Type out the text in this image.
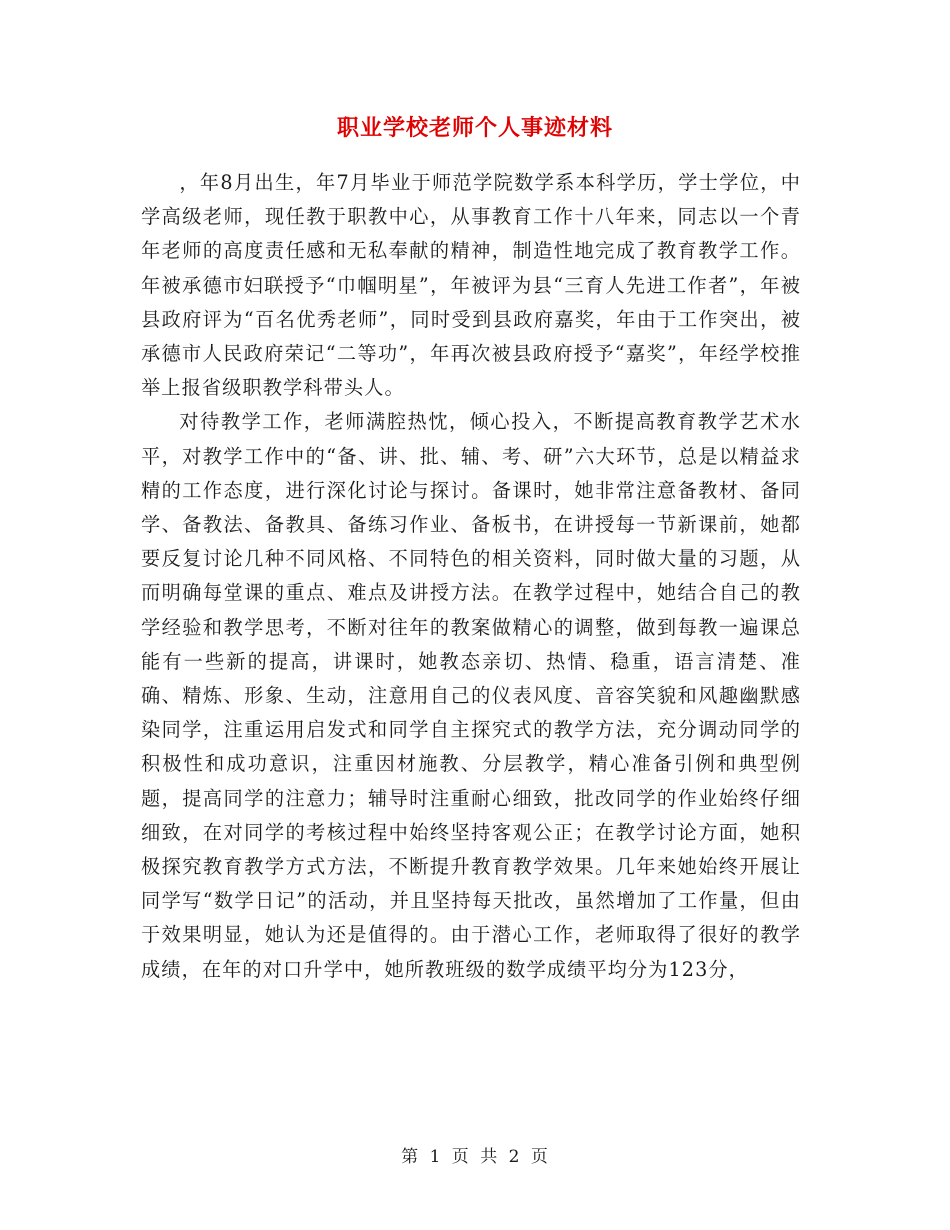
职业学校老师个人事迹材料

，年8月出生，年7月毕业于师范学院数学系本科学历，学士学位，中学高级老师，现任教于职教中心，从事教育工作十八年来，同志以一个青年老师的高度责任感和无私奉献的精神，制造性地完成了教育教学工作。年被承德市妇联授予“巾帼明星”，年被评为县“三育人先进工作者”，年被县政府评为“百名优秀老师”，同时受到县政府嘉奖，年由于工作突出，被承德市人民政府荣记“二等功”，年再次被县政府授予“嘉奖”，年经学校推举上报省级职教学科带头人。

对待教学工作，老师满腔热忱，倾心投入，不断提高教育教学艺术水平，对教学工作中的“备、讲、批、辅、考、研”六大环节，总是以精益求精的工作态度，进行深化讨论与探讨。备课时，她非常注意备教材、备同学、备教法、备教具、备练习作业、备板书，在讲授每一节新课前，她都要反复讨论几种不同风格、不同特色的相关资料，同时做大量的习题，从而明确每堂课的重点、难点及讲授方法。在教学过程中，她结合自己的教学经验和教学思考，不断对往年的教案做精心的调整，做到每教一遍课总能有一些新的提高，讲课时，她教态亲切、热情、稳重，语言清楚、准确、精炼、形象、生动，注意用自己的仪表风度、音容笑貌和风趣幽默感染同学，注重运用启发式和同学自主探究式的教学方法，充分调动同学的积极性和成功意识，注重因材施教、分层教学，精心准备引例和典型例题，提高同学的注意力；辅导时注重耐心细致，批改同学的作业始终仔细细致，在对同学的考核过程中始终坚持客观公正；在教学讨论方面，她积极探究教育教学方式方法，不断提升教育教学效果。几年来她始终开展让同学写“数学日记”的活动，并且坚持每天批改，虽然增加了工作量，但由于效果明显，她认为还是值得的。由于潜心工作，老师取得了很好的教学成绩，在年的对口升学中，她所教班级的数学成绩平均分为123分，

第 1 页 共 2 页
